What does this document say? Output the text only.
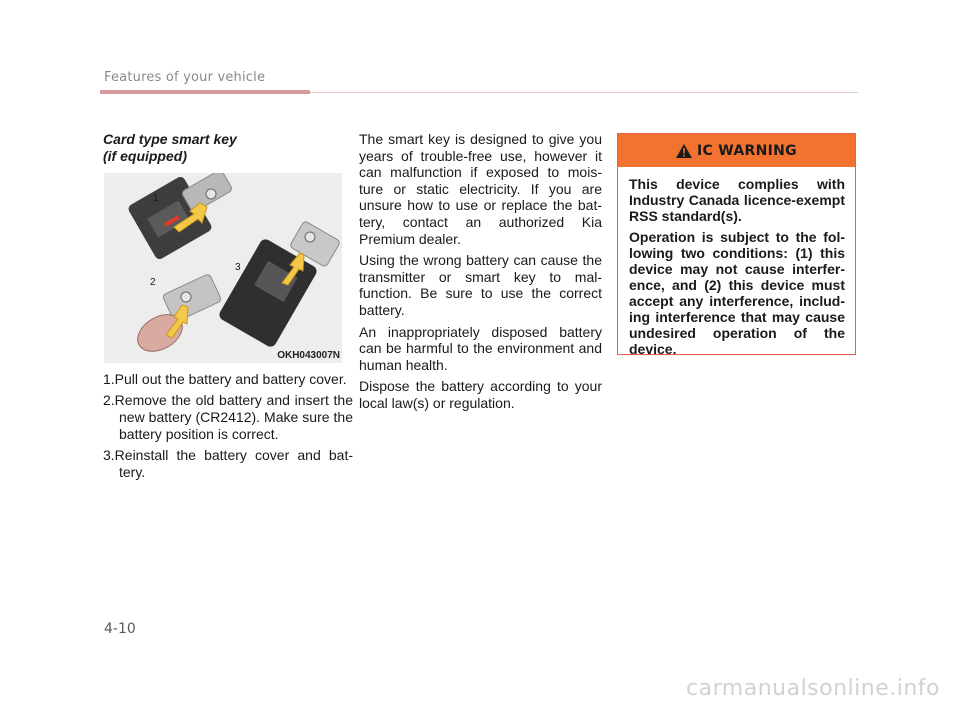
Features of your vehicle
Card type smart key
(if equipped)
1
2
3
OKH043007N
1.Pull out the battery and battery cover.
2.Remove the old battery and insert the new battery (CR2412). Make sure the battery position is correct.
3.Reinstall the battery cover and bat-tery.

The smart key is designed to give you years of trouble-free use, however it can malfunction if exposed to mois-ture or static electricity. If you are unsure how to use or replace the bat-tery, contact an authorized Kia Premium dealer.

Using the wrong battery can cause the transmitter or smart key to mal-function. Be sure to use the correct battery.

An inappropriately disposed battery can be harmful to the environment and human health.

Dispose the battery according to your local law(s) or regulation.

IC WARNING

This device complies with Industry Canada licence-exempt RSS standard(s).

Operation is subject to the fol-lowing two conditions: (1) this device may not cause interfer-ence, and (2) this device must accept any interference, includ-ing interference that may cause undesired operation of the device.

4-10
carmanualsonline.info
